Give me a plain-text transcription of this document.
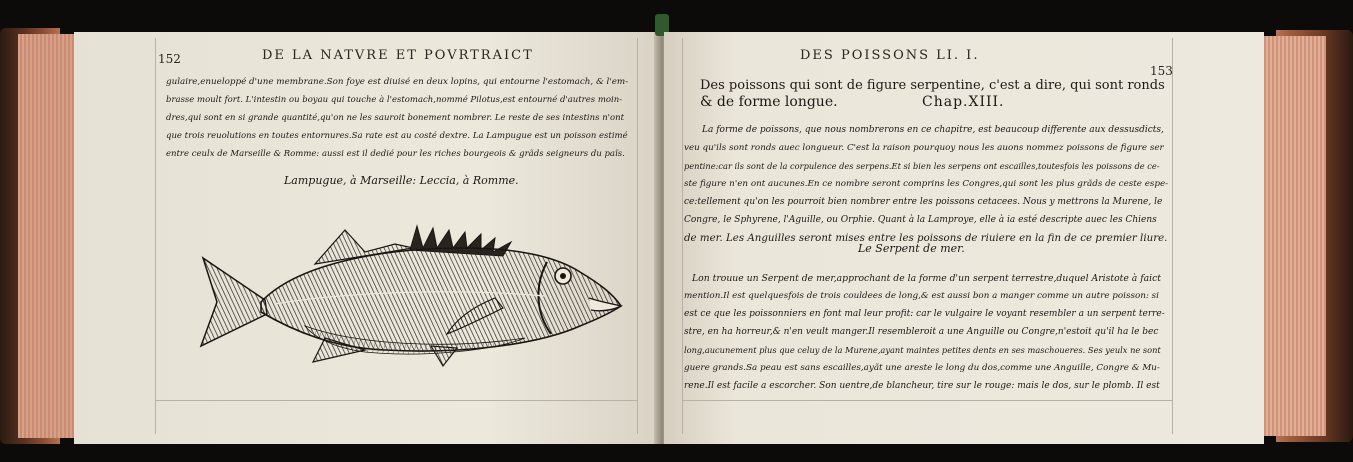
152	DE LA NATVRE ET POVRTRAICT
gulaire,enueloppé d'une membrane.Son foye est diuisé en deux lopins, qui entourne l'estomach, & l'em-
brasse moult fort. L'intestin ou boyau qui touche à l'estomach,nommé Pilotus,est entourné d'autres moin-
dres,qui sont en si grande quantité,qu'on ne les sauroit bonement nombrer. Le reste de ses intestins n'ont
que trois reuolutions en toutes entornures.Sa rate est au costé dextre. La Lampugue est un poisson estimé
entre ceulx de Marseille & Romme: aussi est il dedié pour les riches bourgeois & grãds seigneurs du païs.
Lampugue, à Marseille: Leccia, à Romme.
DES POISSONS LI. I.
153
Des poissons qui sont de figure serpentine, c'est a dire, qui sont ronds
& de forme longue.	Chap.XIII.
La forme de poissons, que nous nombrerons en ce chapitre, est beaucoup differente aux dessusdicts,
veu qu'ils sont ronds auec longueur. C'est la raison pourquoy nous les auons nommez poissons de figure ser
pentine:car ils sont de la corpulence des serpens.Et si bien les serpens ont escailles,toutesfois les poissons de ce-
ste figure n'en ont aucunes.En ce nombre seront comprins les Congres,qui sont les plus grãds de ceste espe-
ce:tellement qu'on les pourroit bien nombrer entre les poissons cetacees. Nous y mettrons la Murene, le
Congre, le Sphyrene, l'Aguille, ou Orphie. Quant à la Lamproye, elle à ia esté descripte auec les Chiens
de mer. Les Anguilles seront mises entre les poissons de riuiere en la fin de ce premier liure.
Le Serpent de mer.
Lon trouue un Serpent de mer,approchant de la forme d'un serpent terrestre,duquel Aristote à faict
mention.Il est quelquesfois de trois couldees de long,& est aussi bon a manger comme un autre poisson: si
est ce que les poissonniers en font mal leur profit: car le vulgaire le voyant resembler a un serpent terre-
stre, en ha horreur,& n'en veult manger.Il resembleroit a une Anguille ou Congre,n'estoit qu'il ha le bec
long,aucunement plus que celuy de la Murene,ayant maintes petites dents en ses maschoueres. Ses yeulx ne sont
guere grands.Sa peau est sans escailles,ayãt une areste le long du dos,comme une Anguille, Congre & Mu-
rene.Il est facile a escorcher. Son uentre,de blancheur, tire sur le rouge: mais le dos, sur le plomb. Il est
